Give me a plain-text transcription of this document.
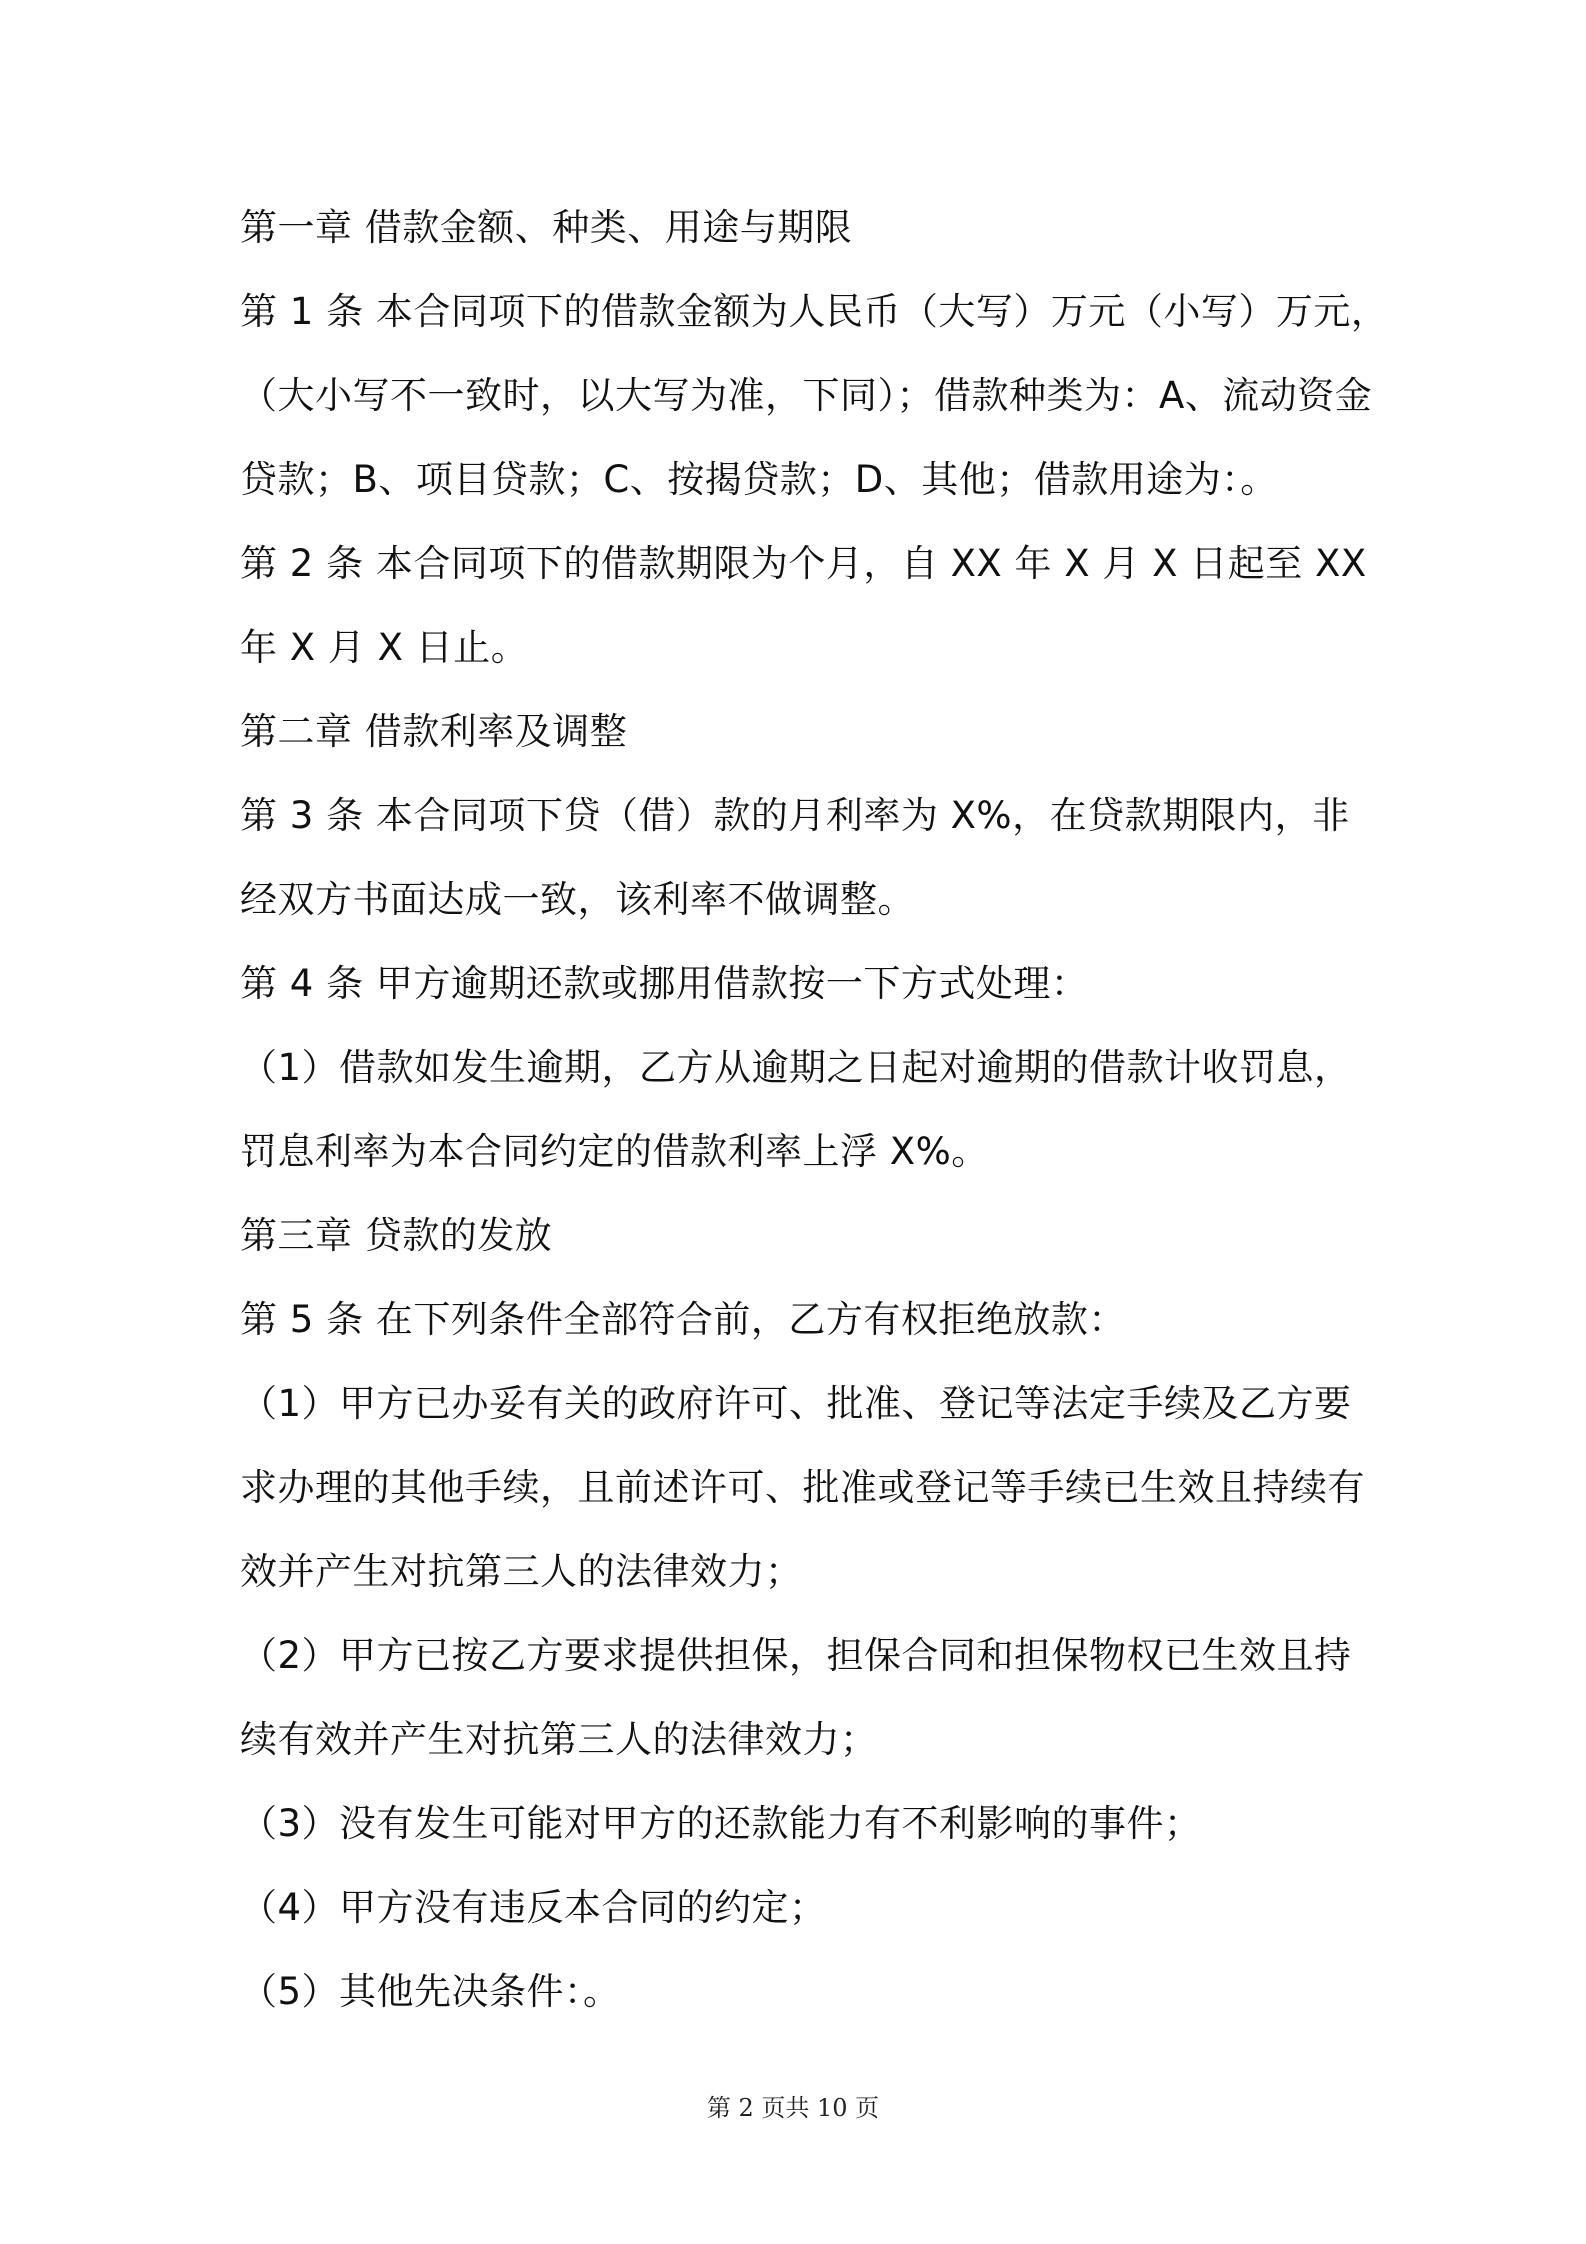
第一章 借款金额、种类、用途与期限
第 1 条 本合同项下的借款金额为人民币（大写）万元（小写）万元，
（大小写不一致时，以大写为准，下同）；借款种类为：A、流动资金
贷款；B、项目贷款；C、按揭贷款；D、其他；借款用途为：。
第 2 条 本合同项下的借款期限为个月，自 XX 年 X 月 X 日起至 XX
年 X 月 X 日止。
第二章 借款利率及调整
第 3 条 本合同项下贷（借）款的月利率为 X%，在贷款期限内，非
经双方书面达成一致，该利率不做调整。
第 4 条 甲方逾期还款或挪用借款按一下方式处理：
（1）借款如发生逾期，乙方从逾期之日起对逾期的借款计收罚息，
罚息利率为本合同约定的借款利率上浮 X%。
第三章 贷款的发放
第 5 条 在下列条件全部符合前，乙方有权拒绝放款：
（1）甲方已办妥有关的政府许可、批准、登记等法定手续及乙方要
求办理的其他手续，且前述许可、批准或登记等手续已生效且持续有
效并产生对抗第三人的法律效力；
（2）甲方已按乙方要求提供担保，担保合同和担保物权已生效且持
续有效并产生对抗第三人的法律效力；
（3）没有发生可能对甲方的还款能力有不利影响的事件；
（4）甲方没有违反本合同的约定；
（5）其他先决条件：。
第 2 页共 10 页
